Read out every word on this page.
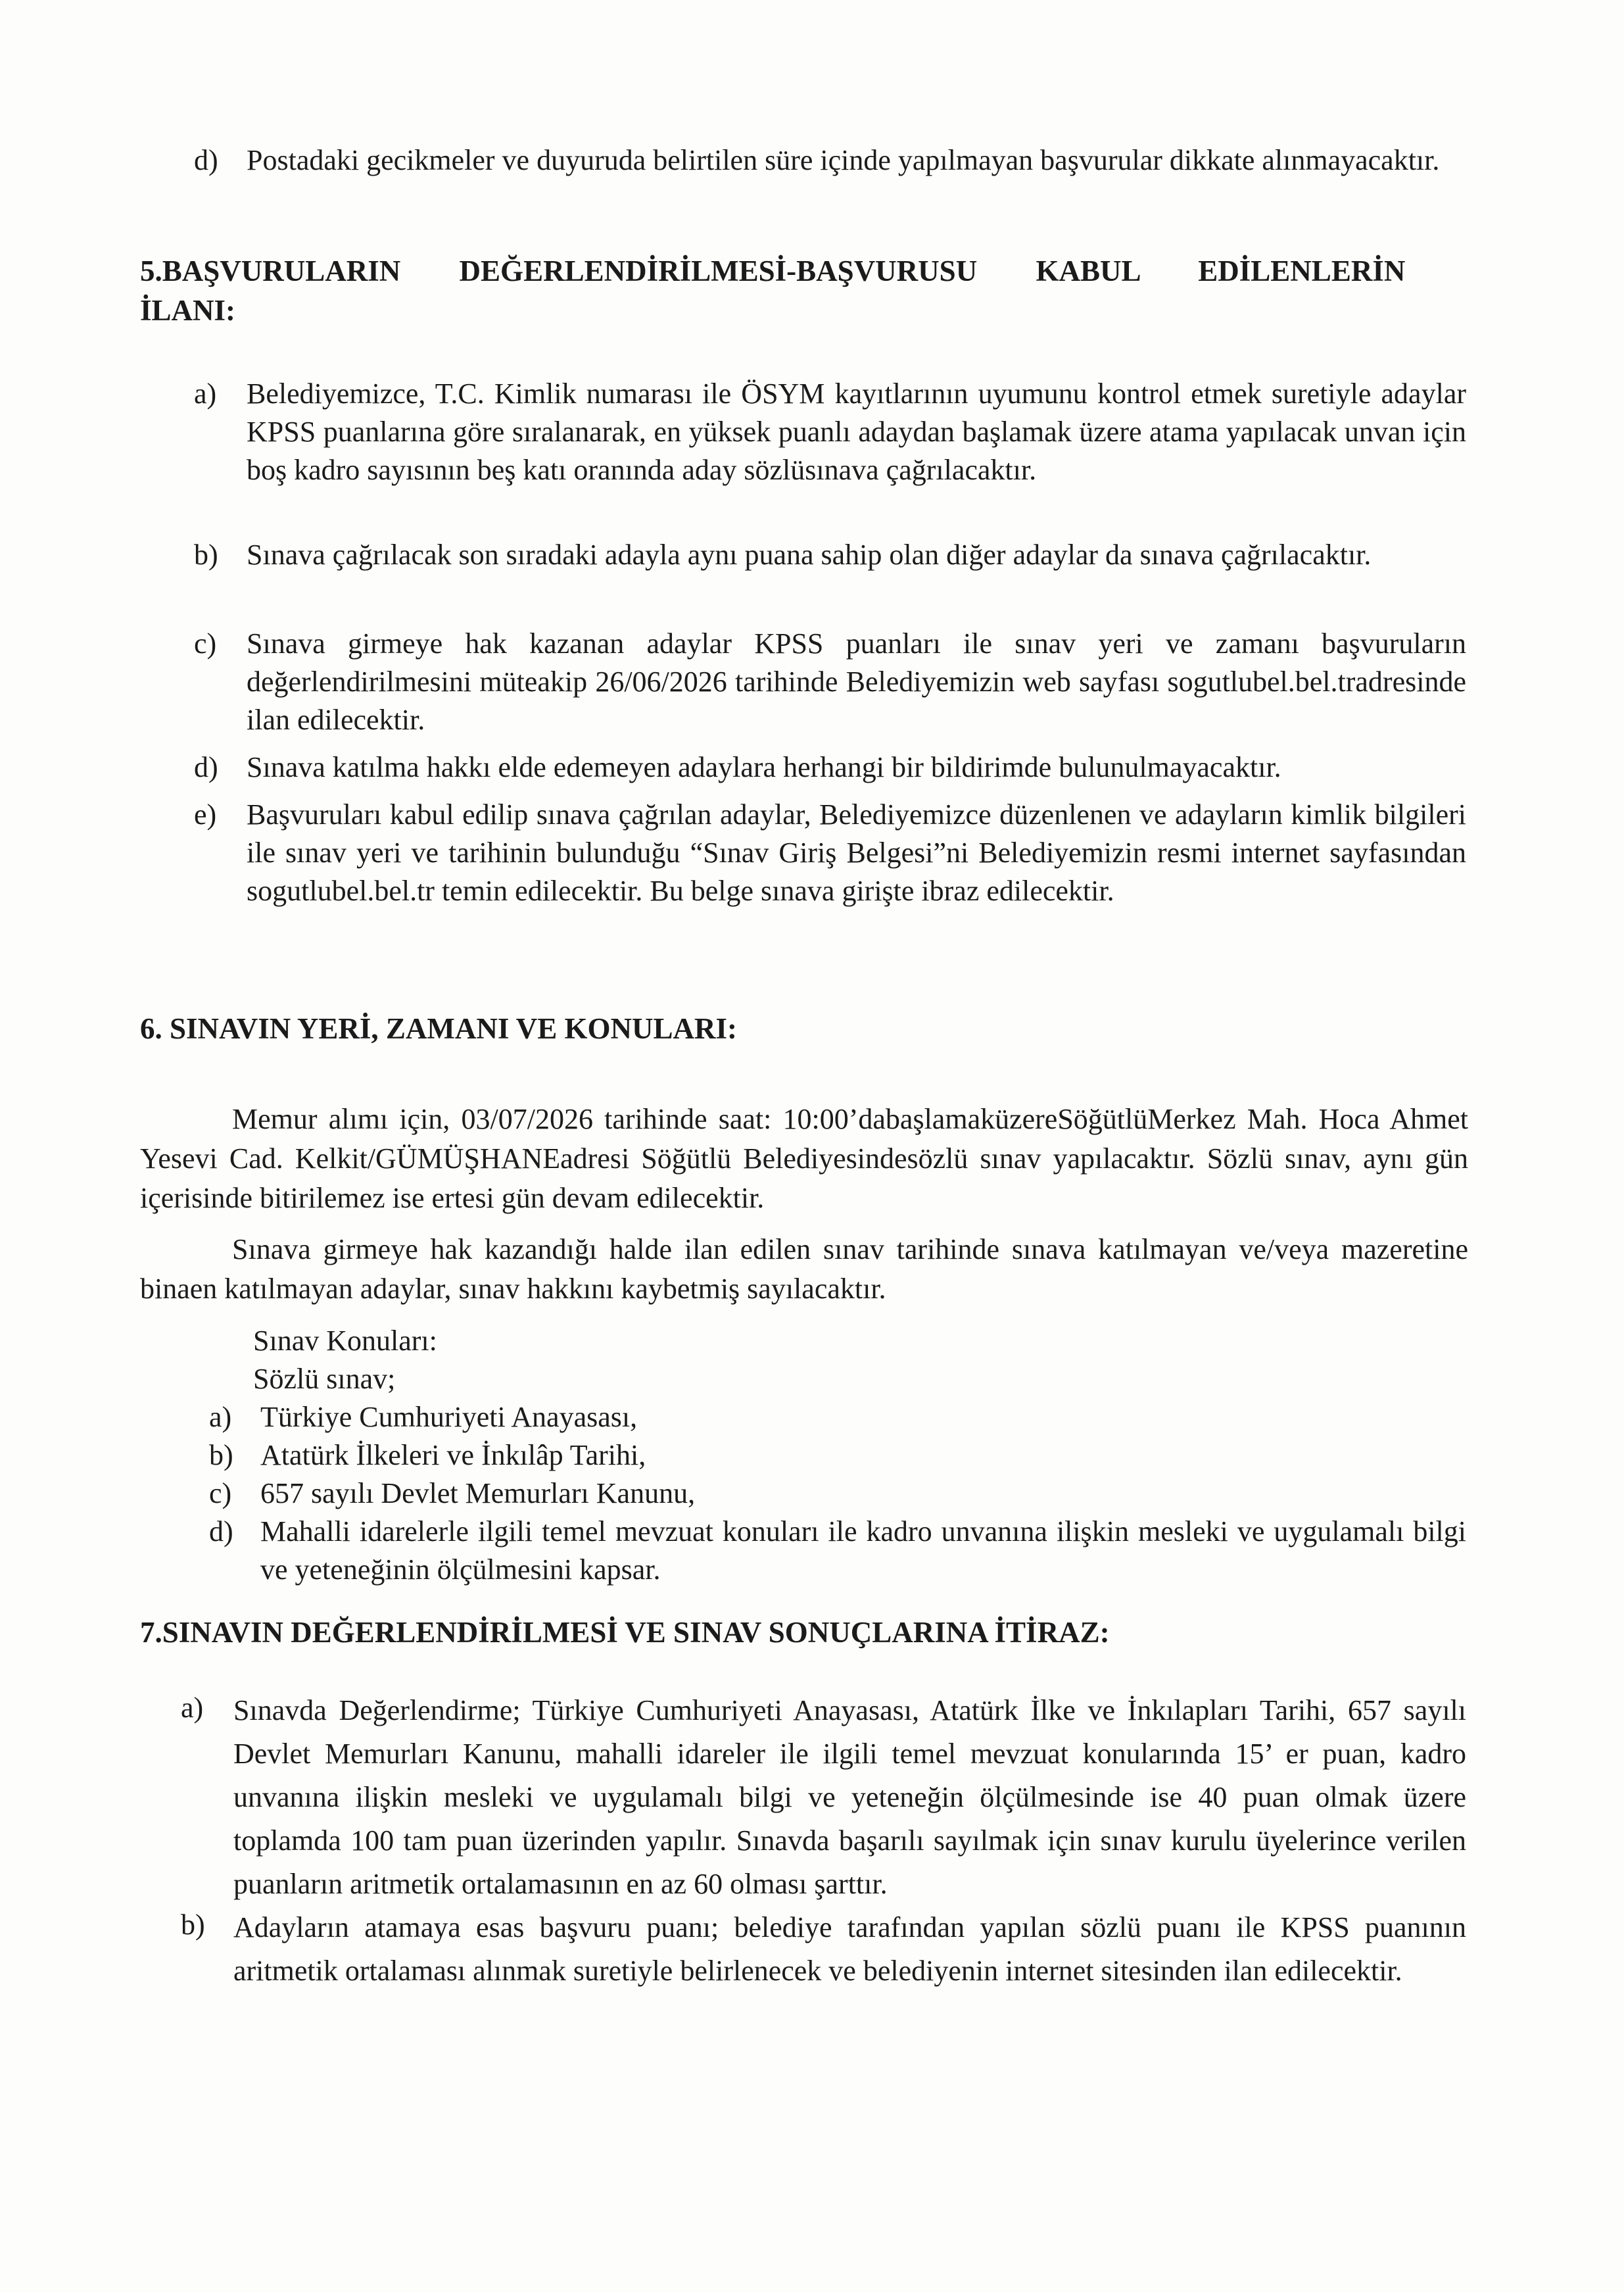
d) Postadaki gecikmeler ve duyuruda belirtilen süre içinde yapılmayan başvurular dikkate alınmayacaktır.
5.BAŞVURULARIN DEĞERLENDİRİLMESİ-BAŞVURUSU KABUL EDİLENLERİN İLANI:
a)	Belediyemizce, T.C. Kimlik numarası ile ÖSYM kayıtlarının uyumunu kontrol etmek suretiyle adaylar KPSS puanlarına göre sıralanarak, en yüksek puanlı adaydan başlamak üzere atama yapılacak unvan için boş kadro sayısının beş katı oranında aday sözlüsınava çağrılacaktır.
b) Sınava çağrılacak son sıradaki adayla aynı puana sahip olan diğer adaylar da sınava çağrılacaktır.
c)	Sınava girmeye hak kazanan adaylar KPSS puanları ile sınav yeri ve zamanı başvuruların değerlendirilmesini müteakip 26/06/2026 tarihinde Belediyemizin web sayfası sogutlubel.bel.tradresinde ilan edilecektir.
d) Sınava katılma hakkı elde edemeyen adaylara herhangi bir bildirimde bulunulmayacaktır.
e)	Başvuruları kabul edilip sınava çağrılan adaylar, Belediyemizce düzenlenen ve adayların kimlik bilgileri ile sınav yeri ve tarihinin bulunduğu “Sınav Giriş Belgesi”ni Belediyemizin resmi internet sayfasından sogutlubel.bel.tr temin edilecektir. Bu belge sınava girişte ibraz edilecektir.
6. SINAVIN YERİ, ZAMANI VE KONULARI:
Memur alımı için, 03/07/2026 tarihinde saat: 10:00’dabaşlamaküzereSöğütlüMerkez Mah. Hoca Ahmet Yesevi Cad. Kelkit/GÜMÜŞHANEadresi Söğütlü Belediyesindesözlü sınav yapılacaktır. Sözlü sınav, aynı gün içerisinde bitirilemez ise ertesi gün devam edilecektir.
Sınava girmeye hak kazandığı halde ilan edilen sınav tarihinde sınava katılmayan ve/veya mazeretine binaen katılmayan adaylar, sınav hakkını kaybetmiş sayılacaktır.
Sınav Konuları:
Sözlü sınav;
a) Türkiye Cumhuriyeti Anayasası,
b) Atatürk İlkeleri ve İnkılâp Tarihi,
c) 657 sayılı Devlet Memurları Kanunu,
d) Mahalli idarelerle ilgili temel mevzuat konuları ile kadro unvanına ilişkin mesleki ve uygulamalı bilgi ve yeteneğinin ölçülmesini kapsar.
7.SINAVIN DEĞERLENDİRİLMESİ VE SINAV SONUÇLARINA İTİRAZ:
a)	Sınavda Değerlendirme; Türkiye Cumhuriyeti Anayasası, Atatürk İlke ve İnkılapları Tarihi, 657 sayılı Devlet Memurları Kanunu, mahalli idareler ile ilgili temel mevzuat konularında 15’ er puan, kadro unvanına ilişkin mesleki ve uygulamalı bilgi ve yeteneğin ölçülmesinde ise 40 puan olmak üzere toplamda 100 tam puan üzerinden yapılır. Sınavda başarılı sayılmak için sınav kurulu üyelerince verilen puanların aritmetik ortalamasının en az 60 olması şarttır.
b) Adayların atamaya esas başvuru puanı; belediye tarafından yapılan sözlü puanı ile KPSS puanının aritmetik ortalaması alınmak suretiyle belirlenecek ve belediyenin internet sitesinden ilan edilecektir.
